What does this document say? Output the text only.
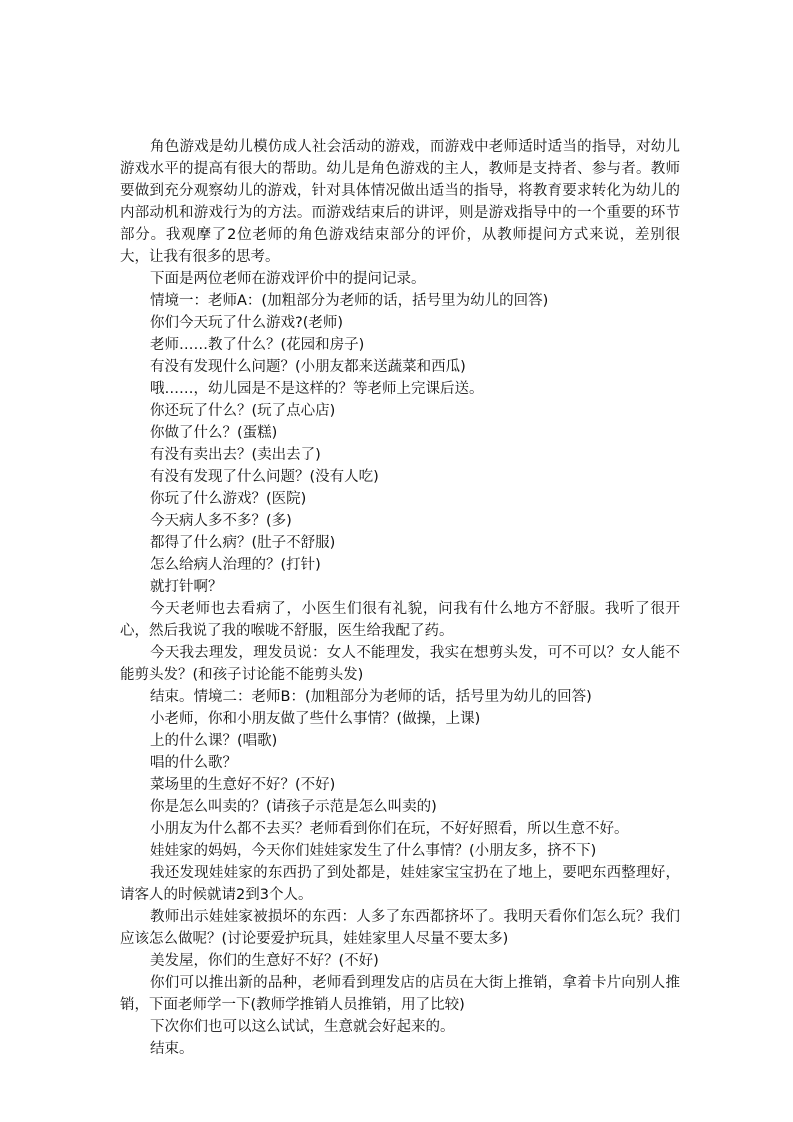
角色游戏是幼儿模仿成人社会活动的游戏，而游戏中老师适时适当的指导，对幼儿游戏水平的提高有很大的帮助。幼儿是角色游戏的主人，教师是支持者、参与者。教师要做到充分观察幼儿的游戏，针对具体情况做出适当的指导，将教育要求转化为幼儿的内部动机和游戏行为的方法。而游戏结束后的讲评，则是游戏指导中的一个重要的环节部分。我观摩了2位老师的角色游戏结束部分的评价，从教师提问方式来说，差别很大，让我有很多的思考。

下面是两位老师在游戏评价中的提问记录。

情境一：老师A：(加粗部分为老师的话，括号里为幼儿的回答)

你们今天玩了什么游戏?(老师)

老师……教了什么？(花园和房子)

有没有发现什么问题？(小朋友都来送蔬菜和西瓜)

哦……，幼儿园是不是这样的？等老师上完课后送。

你还玩了什么？(玩了点心店)

你做了什么？(蛋糕)

有没有卖出去？(卖出去了)

有没有发现了什么问题？(没有人吃)

你玩了什么游戏？(医院)

今天病人多不多？(多)

都得了什么病？(肚子不舒服)

怎么给病人治理的？(打针)

就打针啊？

今天老师也去看病了，小医生们很有礼貌，问我有什么地方不舒服。我听了很开心，然后我说了我的喉咙不舒服，医生给我配了药。

今天我去理发，理发员说：女人不能理发，我实在想剪头发，可不可以？女人能不能剪头发？(和孩子讨论能不能剪头发)

结束。情境二：老师B：(加粗部分为老师的话，括号里为幼儿的回答)

小老师，你和小朋友做了些什么事情？(做操，上课)

上的什么课？(唱歌)

唱的什么歌？

菜场里的生意好不好？(不好)

你是怎么叫卖的？(请孩子示范是怎么叫卖的)

小朋友为什么都不去买？老师看到你们在玩，不好好照看，所以生意不好。

娃娃家的妈妈，今天你们娃娃家发生了什么事情？(小朋友多，挤不下)

我还发现娃娃家的东西扔了到处都是，娃娃家宝宝扔在了地上，要吧东西整理好，请客人的时候就请2到3个人。

教师出示娃娃家被损坏的东西：人多了东西都挤坏了。我明天看你们怎么玩？我们应该怎么做呢？(讨论要爱护玩具，娃娃家里人尽量不要太多)

美发屋，你们的生意好不好？(不好)

你们可以推出新的品种，老师看到理发店的店员在大街上推销，拿着卡片向别人推销，下面老师学一下(教师学推销人员推销，用了比较)

下次你们也可以这么试试，生意就会好起来的。

结束。
